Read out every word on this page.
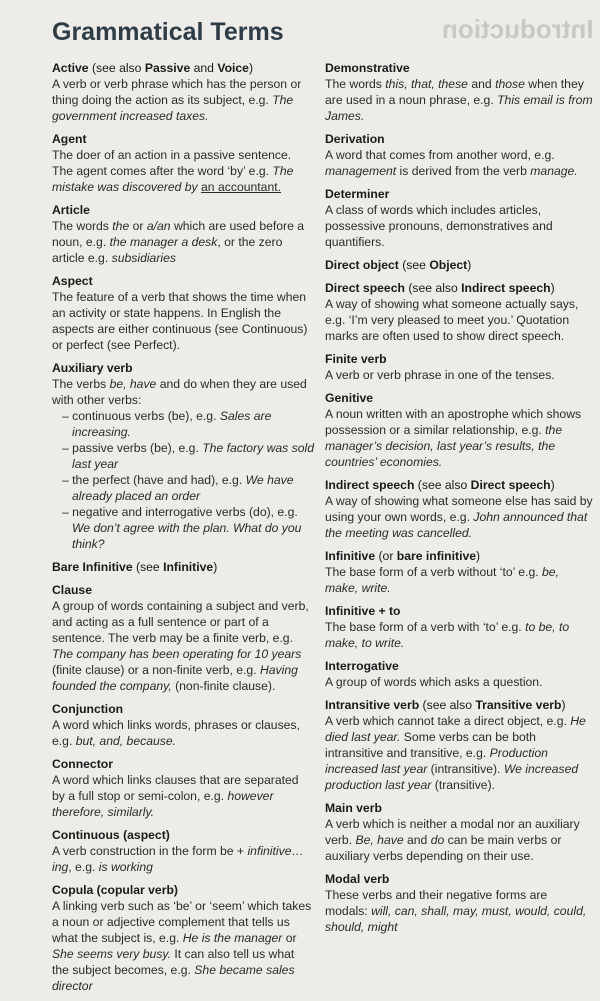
Introduction
Grammatical Terms
Active (see also Passive and Voice)
A verb or verb phrase which has the person or thing doing the action as its subject, e.g. The government increased taxes.
Agent
The doer of an action in a passive sentence. The agent comes after the word ‘by’ e.g. The mistake was discovered by an accountant.
Article
The words the or a/an which are used before a noun, e.g. the manager a desk, or the zero article e.g. subsidiaries
Aspect
The feature of a verb that shows the time when an activity or state happens. In English the aspects are either continuous (see Continuous) or perfect (see Perfect).
Auxiliary verb
The verbs be, have and do when they are used with other verbs:
– continuous verbs (be), e.g. Sales are increasing.
– passive verbs (be), e.g. The factory was sold last year
– the perfect (have and had), e.g. We have already placed an order
– negative and interrogative verbs (do), e.g. We don’t agree with the plan. What do you think?
Bare Infinitive (see Infinitive)
Clause
A group of words containing a subject and verb, and acting as a full sentence or part of a sentence. The verb may be a finite verb, e.g. The company has been operating for 10 years (finite clause) or a non-finite verb, e.g. Having founded the company, (non-finite clause).
Conjunction
A word which links words, phrases or clauses, e.g. but, and, because.
Connector
A word which links clauses that are separated by a full stop or semi-colon, e.g. however therefore, similarly.
Continuous (aspect)
A verb construction in the form be + infinitive…ing, e.g. is working
Copula (copular verb)
A linking verb such as ‘be’ or ‘seem’ which takes a noun or adjective complement that tells us what the subject is, e.g. He is the manager or She seems very busy. It can also tell us what the subject becomes, e.g. She became sales director
Demonstrative
The words this, that, these and those when they are used in a noun phrase, e.g. This email is from James.
Derivation
A word that comes from another word, e.g. management is derived from the verb manage.
Determiner
A class of words which includes articles, possessive pronouns, demonstratives and quantifiers.
Direct object (see Object)
Direct speech (see also Indirect speech)
A way of showing what someone actually says, e.g. ‘I’m very pleased to meet you.’ Quotation marks are often used to show direct speech.
Finite verb
A verb or verb phrase in one of the tenses.
Genitive
A noun written with an apostrophe which shows possession or a similar relationship, e.g. the manager’s decision, last year’s results, the countries’ economies.
Indirect speech (see also Direct speech)
A way of showing what someone else has said by using your own words, e.g. John announced that the meeting was cancelled.
Infinitive (or bare infinitive)
The base form of a verb without ‘to’ e.g. be, make, write.
Infinitive + to
The base form of a verb with ‘to’ e.g. to be, to make, to write.
Interrogative
A group of words which asks a question.
Intransitive verb (see also Transitive verb)
A verb which cannot take a direct object, e.g. He died last year. Some verbs can be both intransitive and transitive, e.g. Production increased last year (intransitive). We increased production last year (transitive).
Main verb
A verb which is neither a modal nor an auxiliary verb. Be, have and do can be main verbs or auxiliary verbs depending on their use.
Modal verb
These verbs and their negative forms are modals: will, can, shall, may, must, would, could, should, might
